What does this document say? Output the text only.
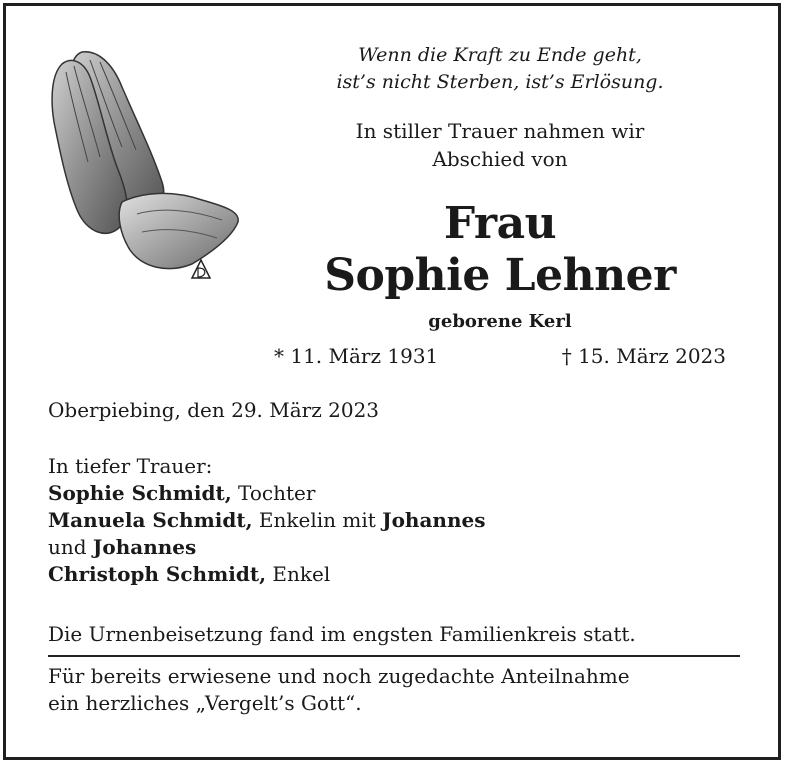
Wenn die Kraft zu Ende geht,
ist’s nicht Sterben, ist’s Erlösung.
In stiller Trauer nahmen wir
Abschied von
Frau
Sophie Lehner
geborene Kerl
* 11. März 1931	† 15. März 2023
Oberpiebing, den 29. März 2023
In tiefer Trauer:
Sophie Schmidt, Tochter
Manuela Schmidt, Enkelin mit Johannes
und Johannes
Christoph Schmidt, Enkel
Die Urnenbeisetzung fand im engsten Familienkreis statt.
Für bereits erwiesene und noch zugedachte Anteilnahme
ein herzliches „Vergelt’s Gott“.
